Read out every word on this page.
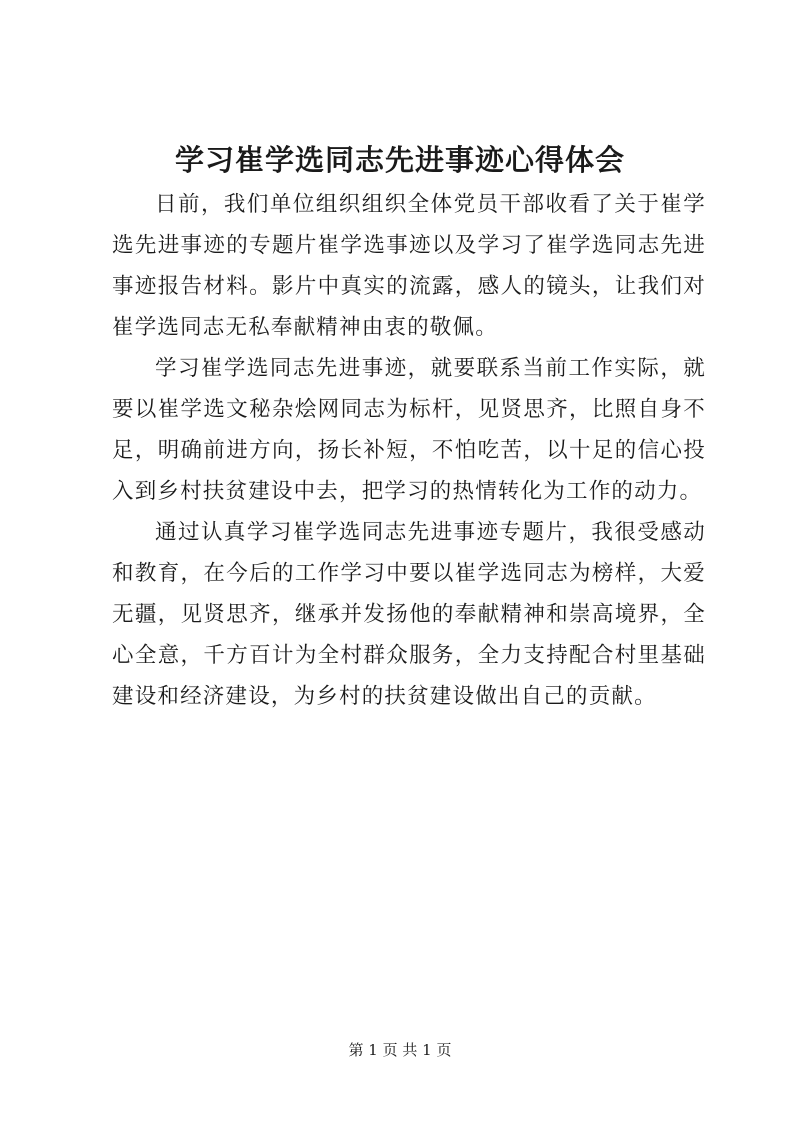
学习崔学选同志先进事迹心得体会

日前，我们单位组织组织全体党员干部收看了关于崔学选先进事迹的专题片崔学选事迹以及学习了崔学选同志先进事迹报告材料。影片中真实的流露，感人的镜头，让我们对崔学选同志无私奉献精神由衷的敬佩。

学习崔学选同志先进事迹，就要联系当前工作实际，就要以崔学选文秘杂烩网同志为标杆，见贤思齐，比照自身不足，明确前进方向，扬长补短，不怕吃苦，以十足的信心投入到乡村扶贫建设中去，把学习的热情转化为工作的动力。

通过认真学习崔学选同志先进事迹专题片，我很受感动和教育，在今后的工作学习中要以崔学选同志为榜样，大爱无疆，见贤思齐，继承并发扬他的奉献精神和崇高境界，全心全意，千方百计为全村群众服务，全力支持配合村里基础建设和经济建设，为乡村的扶贫建设做出自己的贡献。

第 1 页 共 1 页
